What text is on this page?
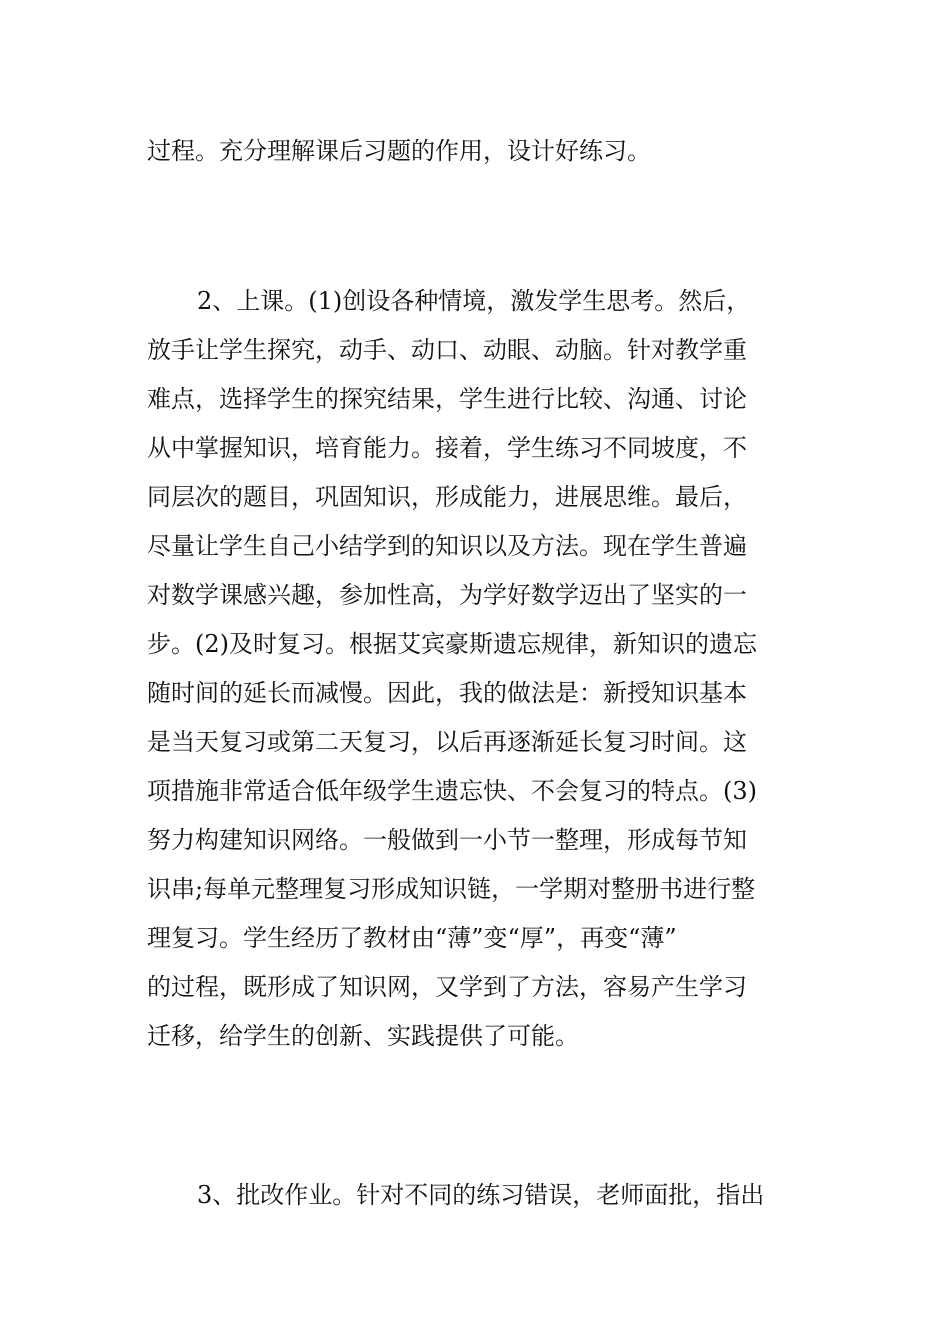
过程。充分理解课后习题的作用，设计好练习。
2、上课。(1)创设各种情境，激发学生思考。然后，
放手让学生探究，动手、动口、动眼、动脑。针对教学重
难点，选择学生的探究结果，学生进行比较、沟通、讨论
从中掌握知识，培育能力。接着，学生练习不同坡度，不
同层次的题目，巩固知识，形成能力，进展思维。最后，
尽量让学生自己小结学到的知识以及方法。现在学生普遍
对数学课感兴趣，参加性高，为学好数学迈出了坚实的一
步。(2)及时复习。根据艾宾豪斯遗忘规律，新知识的遗忘
随时间的延长而减慢。因此，我的做法是：新授知识基本
是当天复习或第二天复习，以后再逐渐延长复习时间。这
项措施非常适合低年级学生遗忘快、不会复习的特点。(3)
努力构建知识网络。一般做到一小节一整理，形成每节知
识串;每单元整理复习形成知识链，一学期对整册书进行整
理复习。学生经历了教材由“薄”变“厚”，再变“薄”
的过程，既形成了知识网，又学到了方法，容易产生学习
迁移，给学生的创新、实践提供了可能。
3、批改作业。针对不同的练习错误，老师面批，指出
